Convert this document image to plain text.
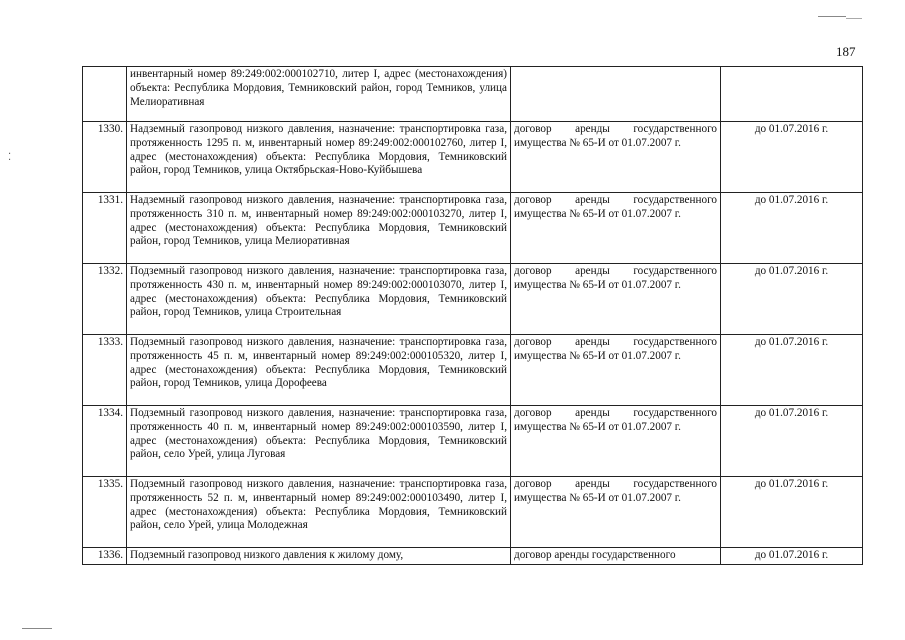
⁚
187
	инвентарный номер 89:249:002:000102710, литер I, адрес (местонахождения) объекта: Республика Мордовия, Темниковский район, город Темников, улица Мелиоративная		
1330.	Надземный газопровод низкого давления, назначение: транспортировка газа, протяженность 1295 п. м, инвентарный номер 89:249:002:000102760, литер I, адрес (местонахождения) объекта: Республика Мордовия, Темниковский район, город Темников, улица Октябрьская-Ново-Куйбышева	договор аренды государственного имущества № 65-И от 01.07.2007 г.	до 01.07.2016 г.
1331.	Надземный газопровод низкого давления, назначение: транспортировка газа, протяженность 310 п. м, инвентарный номер 89:249:002:000103270, литер I, адрес (местонахождения) объекта: Республика Мордовия, Темниковский район, город Темников, улица Мелиоративная	договор аренды государственного имущества № 65-И от 01.07.2007 г.	до 01.07.2016 г.
1332.	Подземный газопровод низкого давления, назначение: транспортировка газа, протяженность 430 п. м, инвентарный номер 89:249:002:000103070, литер I, адрес (местонахождения) объекта: Республика Мордовия, Темниковский район, город Темников, улица Строительная	договор аренды государственного имущества № 65-И от 01.07.2007 г.	до 01.07.2016 г.
1333.	Подземный газопровод низкого давления, назначение: транспортировка газа, протяженность 45 п. м, инвентарный номер 89:249:002:000105320, литер I, адрес (местонахождения) объекта: Республика Мордовия, Темниковский район, город Темников, улица Дорофеева	договор аренды государственного имущества № 65-И от 01.07.2007 г.	до 01.07.2016 г.
1334.	Подземный газопровод низкого давления, назначение: транспортировка газа, протяженность 40 п. м, инвентарный номер 89:249:002:000103590, литер I, адрес (местонахождения) объекта: Республика Мордовия, Темниковский район, село Урей, улица Луговая	договор аренды государственного имущества № 65-И от 01.07.2007 г.	до 01.07.2016 г.
1335.	Подземный газопровод низкого давления, назначение: транспортировка газа, протяженность 52 п. м, инвентарный номер 89:249:002:000103490, литер I, адрес (местонахождения) объекта: Республика Мордовия, Темниковский район, село Урей, улица Молодежная	договор аренды государственного имущества № 65-И от 01.07.2007 г.	до 01.07.2016 г.
1336.	Подземный газопровод низкого давления к жилому дому,	договор аренды государственного	до 01.07.2016 г.
